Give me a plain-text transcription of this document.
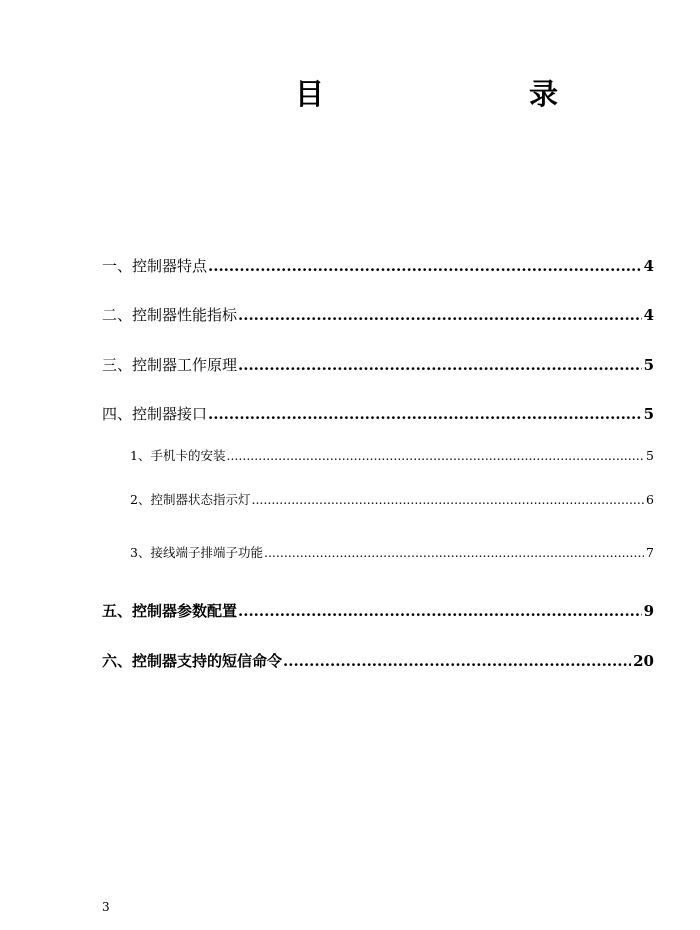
目	录
一、控制器特点 .....	4
二、控制器性能指标 .....	4
三、控制器工作原理 .....	5
四、控制器接口 .....	5
1、手机卡的安装 .....	5
2、控制器状态指示灯 .....	6
3、接线端子排端子功能 .....	7
五、控制器参数配置 .....	9
六、控制器支持的短信命令 .....	20
3
